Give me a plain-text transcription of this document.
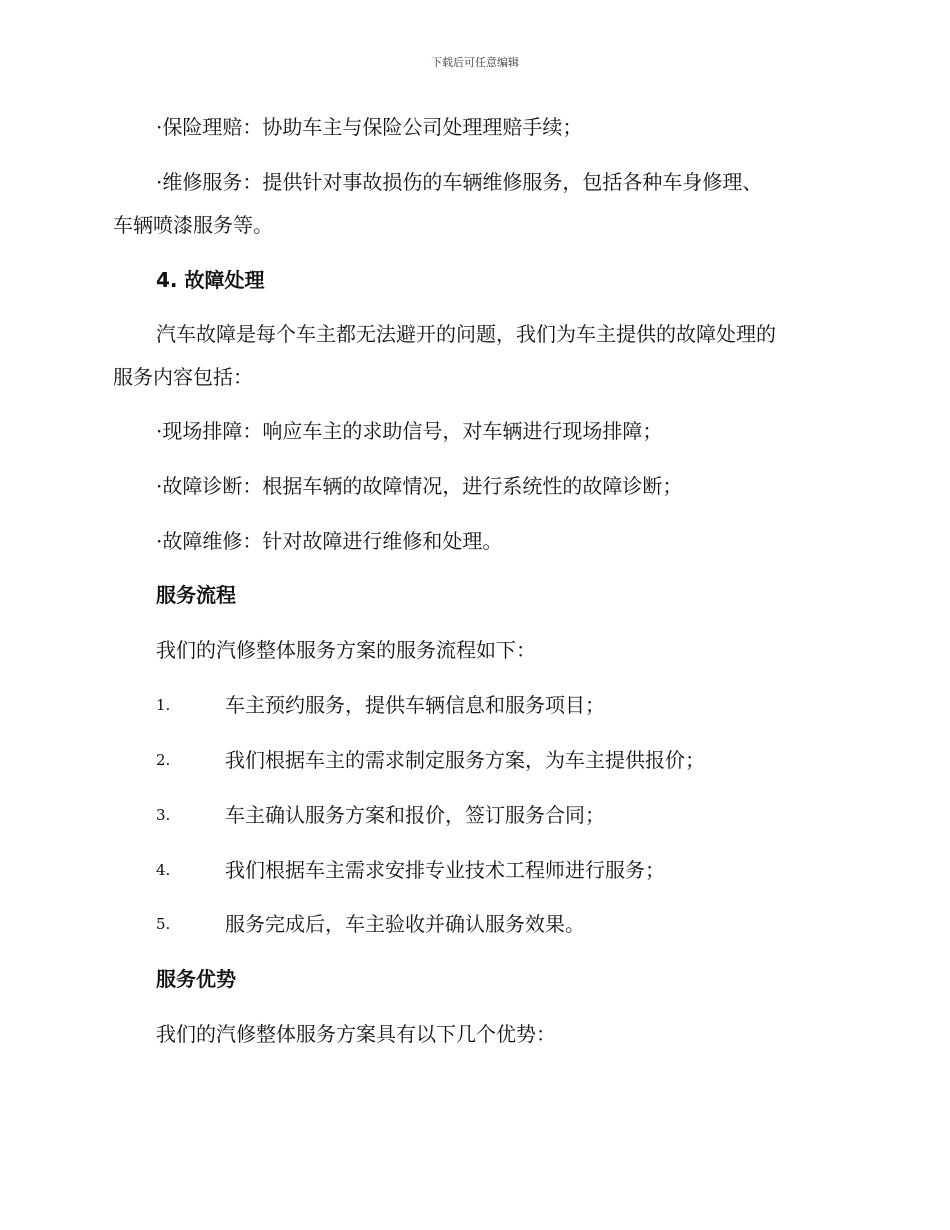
下载后可任意编辑
·保险理赔：协助车主与保险公司处理理赔手续；
·维修服务：提供针对事故损伤的车辆维修服务，包括各种车身修理、
车辆喷漆服务等。
4. 故障处理
汽车故障是每个车主都无法避开的问题，我们为车主提供的故障处理的
服务内容包括：
·现场排障：响应车主的求助信号，对车辆进行现场排障；
·故障诊断：根据车辆的故障情况，进行系统性的故障诊断；
·故障维修：针对故障进行维修和处理。
服务流程
我们的汽修整体服务方案的服务流程如下：
1.	车主预约服务，提供车辆信息和服务项目；
2.	我们根据车主的需求制定服务方案，为车主提供报价；
3.	车主确认服务方案和报价，签订服务合同；
4.	我们根据车主需求安排专业技术工程师进行服务；
5.	服务完成后，车主验收并确认服务效果。
服务优势
我们的汽修整体服务方案具有以下几个优势：
